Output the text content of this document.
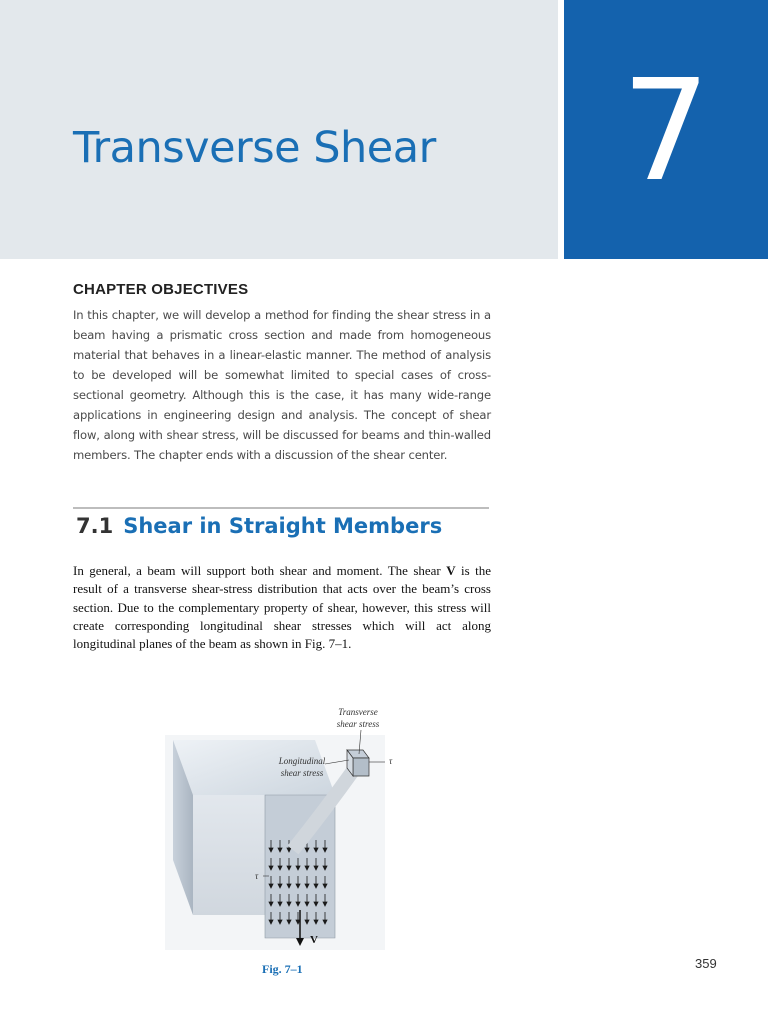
Transverse Shear	7
CHAPTER OBJECTIVES

In this chapter, we will develop a method for finding the shear stress in a beam having a prismatic cross section and made from homogeneous material that behaves in a linear-elastic manner. The method of analysis to be developed will be somewhat limited to special cases of cross-sectional geometry. Although this is the case, it has many wide-range applications in engineering design and analysis. The concept of shear flow, along with shear stress, will be discussed for beams and thin-walled members. The chapter ends with a discussion of the shear center.

7.1 Shear in Straight Members

In general, a beam will support both shear and moment. The shear V is the result of a transverse shear-stress distribution that acts over the beam’s cross section. Due to the complementary property of shear, however, this stress will create corresponding longitudinal shear stresses which will act along longitudinal planes of the beam as shown in Fig. 7–1.

Transverse
shear stress
Longitudinal
shear stress
τ
τ
V
Fig. 7–1	359
